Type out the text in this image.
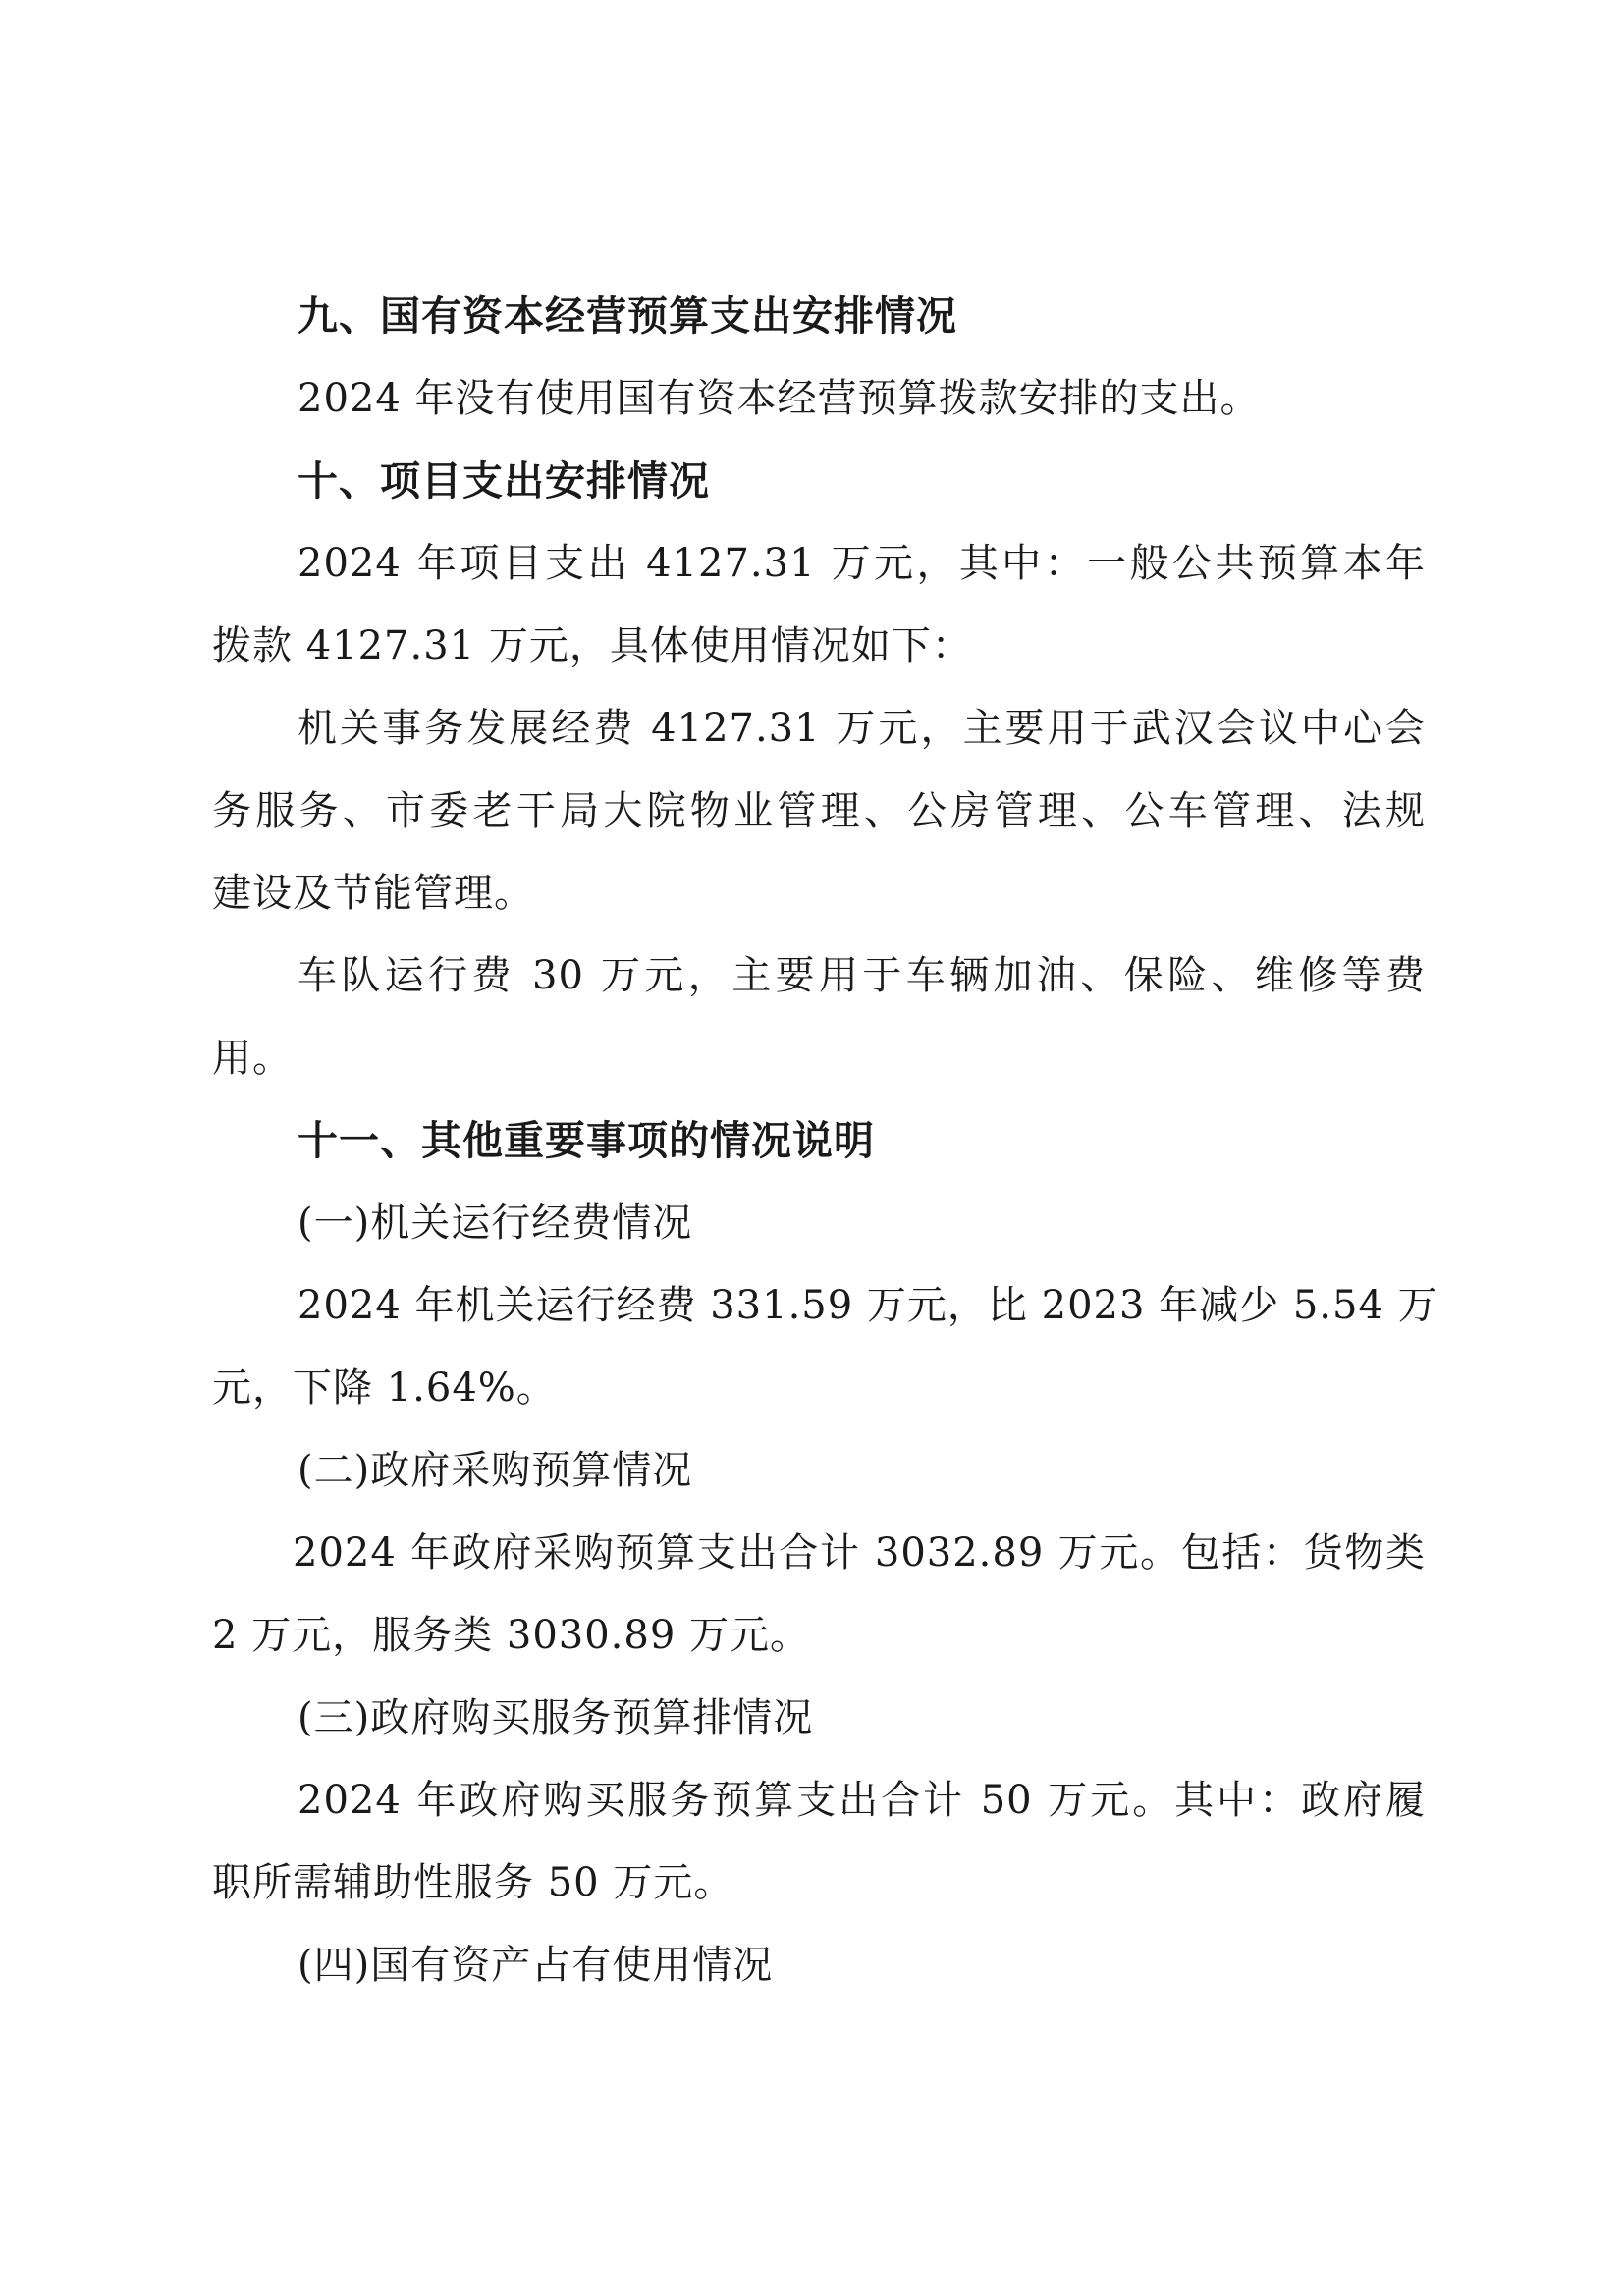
九、国有资本经营预算支出安排情况

2024 年没有使用国有资本经营预算拨款安排的支出。

十、项目支出安排情况

2024 年项目支出 4127.31 万元，其中：一般公共预算本年

拨款 4127.31 万元，具体使用情况如下：

机关事务发展经费 4127.31 万元，主要用于武汉会议中心会

务服务、市委老干局大院物业管理、公房管理、公车管理、法规

建设及节能管理。

车队运行费 30 万元，主要用于车辆加油、保险、维修等费

用。

十一、其他重要事项的情况说明

(一)机关运行经费情况

2024 年机关运行经费 331.59 万元，比 2023 年减少 5.54 万

元，下降 1.64%。

(二)政府采购预算情况

2024 年政府采购预算支出合计 3032.89 万元。包括：货物类

2 万元，服务类 3030.89 万元。

(三)政府购买服务预算排情况

2024 年政府购买服务预算支出合计 50 万元。其中：政府履

职所需辅助性服务 50 万元。

(四)国有资产占有使用情况
